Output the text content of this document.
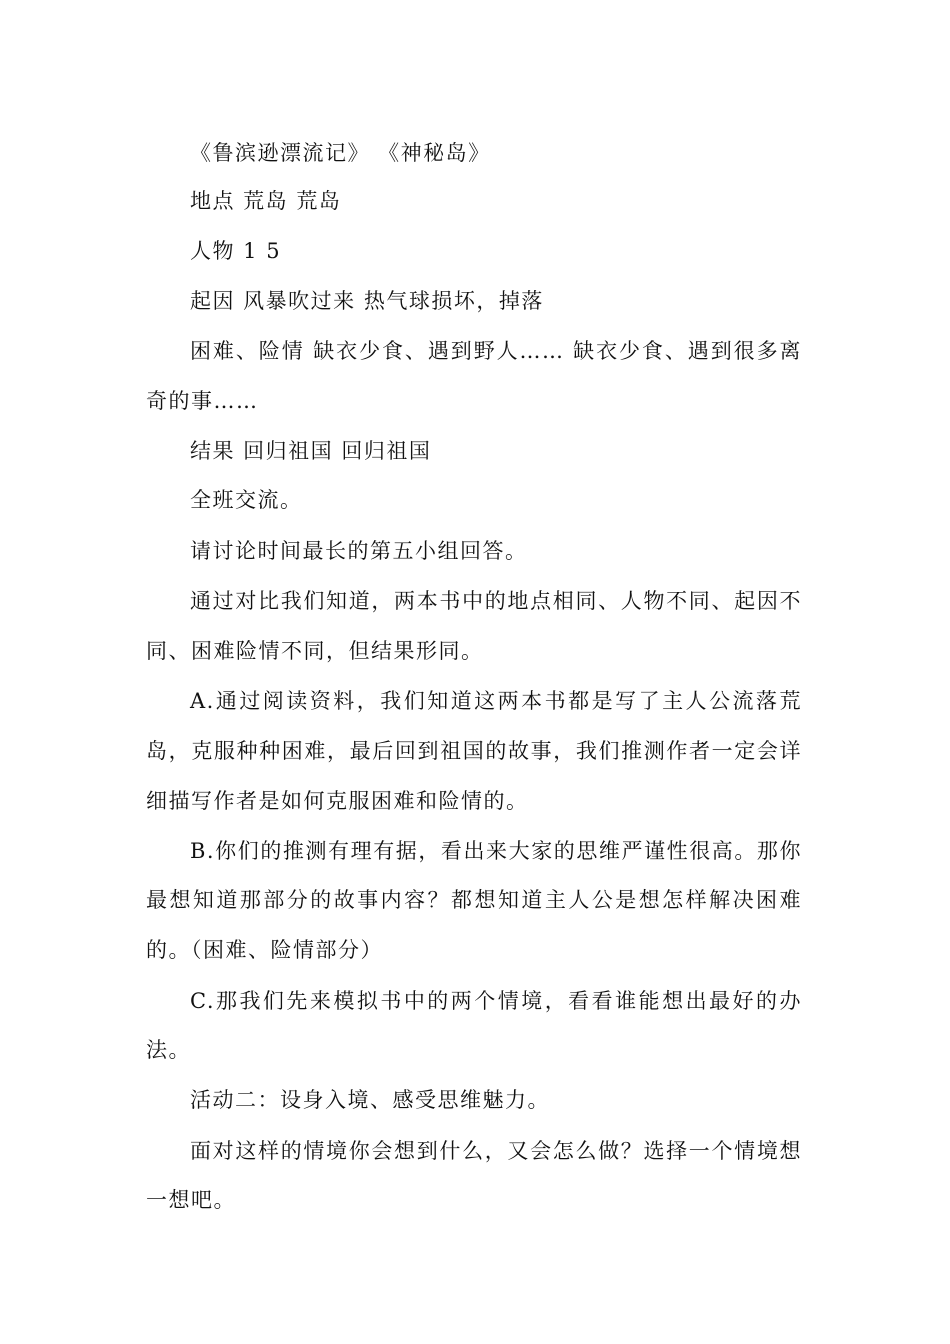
《鲁滨逊漂流记》 《神秘岛》
地点 荒岛 荒岛
人物 1 5
起因 风暴吹过来 热气球损坏，掉落
困难、险情 缺衣少食、遇到野人…… 缺衣少食、遇到很多离
奇的事……
结果 回归祖国 回归祖国
全班交流。
请讨论时间最长的第五小组回答。
通过对比我们知道，两本书中的地点相同、人物不同、起因不
同、困难险情不同，但结果形同。
A.通过阅读资料，我们知道这两本书都是写了主人公流落荒
岛，克服种种困难，最后回到祖国的故事，我们推测作者一定会详
细描写作者是如何克服困难和险情的。
B.你们的推测有理有据，看出来大家的思维严谨性很高。那你
最想知道那部分的故事内容？都想知道主人公是想怎样解决困难
的。（困难、险情部分）
C.那我们先来模拟书中的两个情境，看看谁能想出最好的办
法。
活动二：设身入境、感受思维魅力。
面对这样的情境你会想到什么，又会怎么做？选择一个情境想
一想吧。
